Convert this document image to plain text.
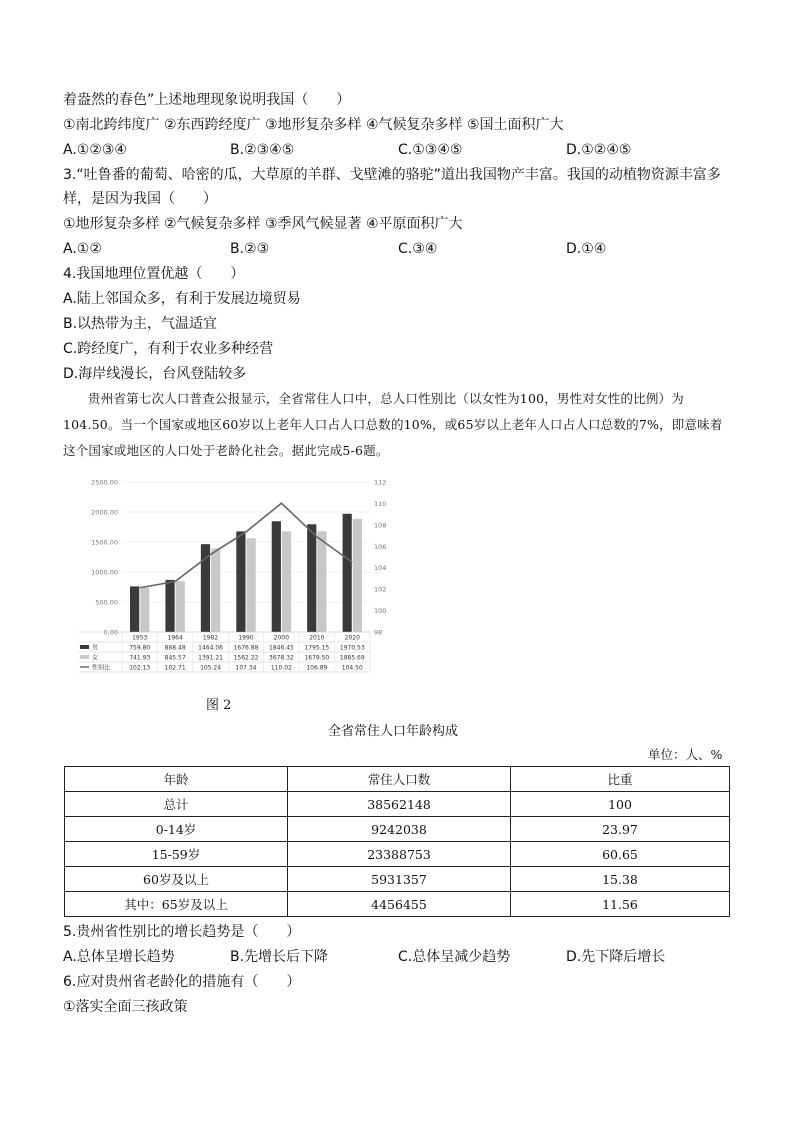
着盎然的春色”上述地理现象说明我国（　　）
①南北跨纬度广 ②东西跨经度广 ③地形复杂多样 ④气候复杂多样 ⑤国土面积广大
A.①②③④	B.②③④⑤	C.①③④⑤	D.①②④⑤
3.“吐鲁番的葡萄、哈密的瓜，大草原的羊群、戈壁滩的骆驼”道出我国物产丰富。我国的动植物资源丰富多
样，是因为我国（　　）
①地形复杂多样 ②气候复杂多样 ③季风气候显著 ④平原面积广大
A.①②	B.②③	C.③④	D.①④
4.我国地理位置优越（　　）
A.陆上邻国众多，有利于发展边境贸易
B.以热带为主，气温适宜
C.跨经度广，有利于农业多种经营
D.海岸线漫长，台风登陆较多
贵州省第七次人口普查公报显示，全省常住人口中，总人口性别比（以女性为100，男性对女性的比例）为104.50。当一个国家或地区60岁以上老年人口占人口总数的10%，或65岁以上老年人口占人口总数的7%，即意味着这个国家或地区的人口处于老龄化社会。据此完成5-6题。
2500.00
2000.00
1500.00
1000.00
500.00
0.00
112
110
108
106
104
102
100
98
1953	1964	1982	1990	2000	2010	2020
男	759.80 868.48 1464.06 1676.88 1846.45 1795.15 1970.53
女	741.93 845.57 1391.21 1562.22 3678.32 1679.50 1885.69
性别比	102.13 102.71 105.24 107.34 110.02 106.89 104.50
图 2
全省常住人口年龄构成
单位：人、%
年龄	常住人口数	比重
总计	38562148	100
0-14岁	9242038	23.97
15-59岁	23388753	60.65
60岁及以上	5931357	15.38
其中：65岁及以上	4456455	11.56
5.贵州省性别比的增长趋势是（　　）
A.总体呈增长趋势	B.先增长后下降	C.总体呈减少趋势	D.先下降后增长
6.应对贵州省老龄化的措施有（　　）
①落实全面三孩政策
